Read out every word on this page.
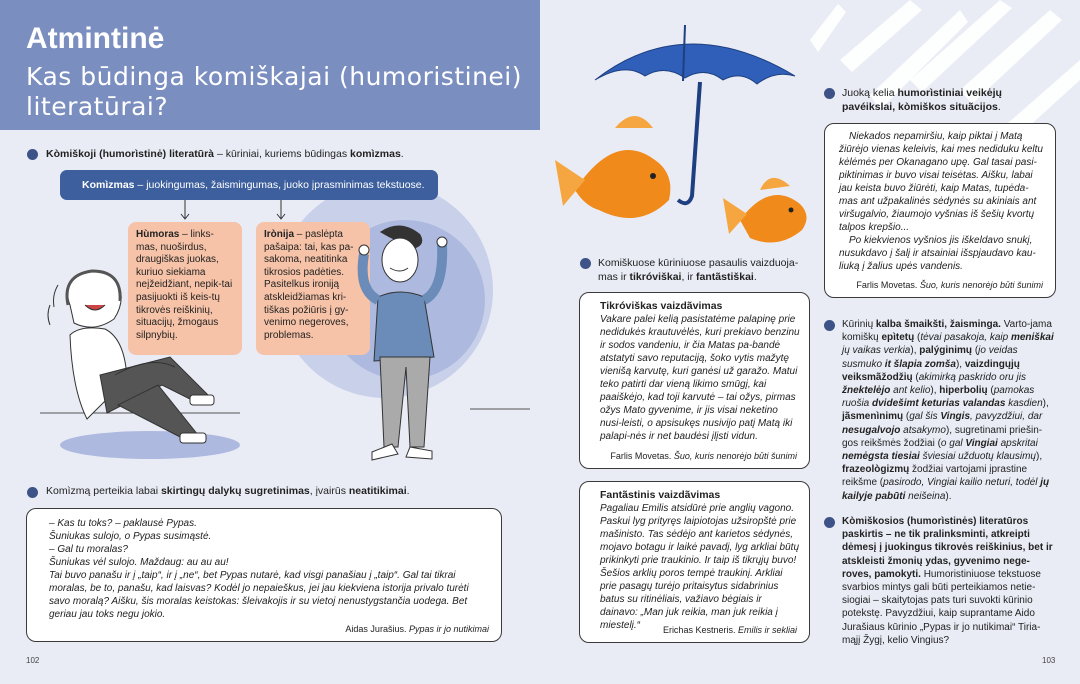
Atmintinė
Kas būdinga komiškajai (humoristinei) literatūrai?
Kòmiškoji (humorìstinė) literatūrà – kūriniai, kuriems būdingas komìzmas.
Komìzmas – juokingumas, žaismingumas, juoko įprasminimas tekstuose.
Hùmoras – links-mas, nuoširdus, draugiškas juokas, kuriuo siekiama neįžeidžiant, nepik-tai pasijuokti iš keis-tų tikrovės reiškinių, situacijų, žmogaus silpnybių.
Irònija – paslėpta pašaipa: tai, kas pa-sakoma, neatitinka tikrosios padėties. Pasitelkus ironiją atskleidžiamas kri-tiškas požiūris į gy-venimo negeroves, problemas.
Komìzmą perteikia labai skirtingų dalykų sugretinimas, įvairūs neatitikimai.
– Kas tu toks? – paklausė Pypas.
Šuniukas sulojo, o Pypas susimąstė.
– Gal tu moralas?
Šuniukas vėl sulojo. Maždaug: au au au!
Tai buvo panašu ir į „taip“, ir į „ne“, bet Pypas nutarė, kad visgi panašiau į „taip“. Gal tai tikrai moralas, be to, panašu, kad laisvas? Kodėl jo nepaieškus, jei jau kiekviena istorija privalo turėti savo moralą? Aišku, šis moralas keistokas: šleivakojis ir su vietoj nenustygstančia uodega. Bet geriau jau toks negu jokio.
Aidas Jurašius. Pypas ir jo nutikimai
102
Komiškuose kūriniuose pasaulis vaizduoja-mas ir tikróviškai, ir fantãstiškai.
Tikróviškas vaizdãvimas
Vakare palei kelią pasistatėme palapinę prie nedidukės krautuvėlės, kuri prekiavo benzinu ir sodos vandeniu, ir čia Matas pa-bandė atstatyti savo reputaciją, šoko vytis mažytę vienišą karvutę, kuri ganėsi už garažo. Matui teko patirti dar vieną likimo smūgį, kai paaiškėjo, kad toji karvutė – tai ožys, pirmas ožys Mato gyvenime, ir jis visai neketino nusi-leisti, o apsisukęs nusivijo patį Matą iki palapi-nės ir net baudėsi įlįsti vidun.
Farlis Movetas. Šuo, kuris nenorėjo būti šunimi
Fantãstinis vaizdãvimas
Pagaliau Emilis atsidūrė prie anglių vagono. Paskui lyg prityręs laipiotojas užsiropštė prie mašinisto. Tas sėdėjo ant karietos sėdynės, mojavo botagu ir laikė pavadį, lyg arkliai būtų prikinkyti prie traukinio. Ir taip iš tikrųjų buvo! Šešios arklių poros tempė traukinį. Arkliai prie pasagų turėjo pritaisytus sidabrinius batus su ritinėliais, važiavo bėgiais ir dainavo: „Man juk reikia, man juk reikia į miestelį.“	Erichas Kestneris. Emilis ir sekliai
Juoką kelia humorìstiniai veikėjų pavéikslai, kòmiškos situãcijos.
Niekados nepamiršiu, kaip piktai į Matą žiūrėjo vienas keleivis, kai mes nediduku keltu kėlėmės per Okanagano upę. Gal tasai pasi-piktinimas ir buvo visai teisėtas. Aišku, labai jau keista buvo žiūrėti, kaip Matas, tupėda-mas ant užpakalinės sėdynės su akiniais ant viršugalvio, žiaumojo vyšnias iš šešių kvortų talpos krepšio...
Po kiekvienos vyšnios jis iškeldavo snukį, nusukdavo į šalį ir atsainiai išspjaudavo kau-liuką į žalius upės vandenis.
Farlis Movetas. Šuo, kuris nenorėjo būti šunimi
Kūrinių kalba šmaikšti, žaisminga. Varto-jama komiškų epìtetų (tėvai pasakoja, kaip meniškai jų vaikas verkia), palýginimų (jo veidas susmuko it šlapia zomša), vaizdingųjų veiksmãžodžių (akimirką paskrido oru jis žnektelėjo ant kelio), hiperbolių (pamokas ruošia dvidešimt keturias valandas kasdien), jãsmenìnimų (gal šis Vingis, pavyzdžiui, dar nesugalvojo atsakymo), sugretinami priešin-gos reikšmės žodžiai (o gal Vingiai apskritai nemėgsta tiesiai šviesiai užduotų klausimų), frazeològizmų žodžiai vartojami įprastine reikšme (pasirodo, Vingiai kailio neturi, todėl jų kailyje pabūti neišeina).
Kòmiškosios (humorìstinės) literatūros paskirtis – ne tik pralinksminti, atkreipti dėmesį į juokingus tikrovės reiškinius, bet ir atskleisti žmonių ydas, gyvenimo nege-roves, pamokyti. Humoristiniuose tekstuose svarbios mintys gali būti perteikiamos netie-siogiai – skaitytojas pats turi suvokti kūrinio potekstę. Pavyzdžiui, kaip suprantame Aido Jurašiaus kūrinio „Pypas ir jo nutikimai“ Tiria-mąjį Žygį, kelio Vingius?
103
